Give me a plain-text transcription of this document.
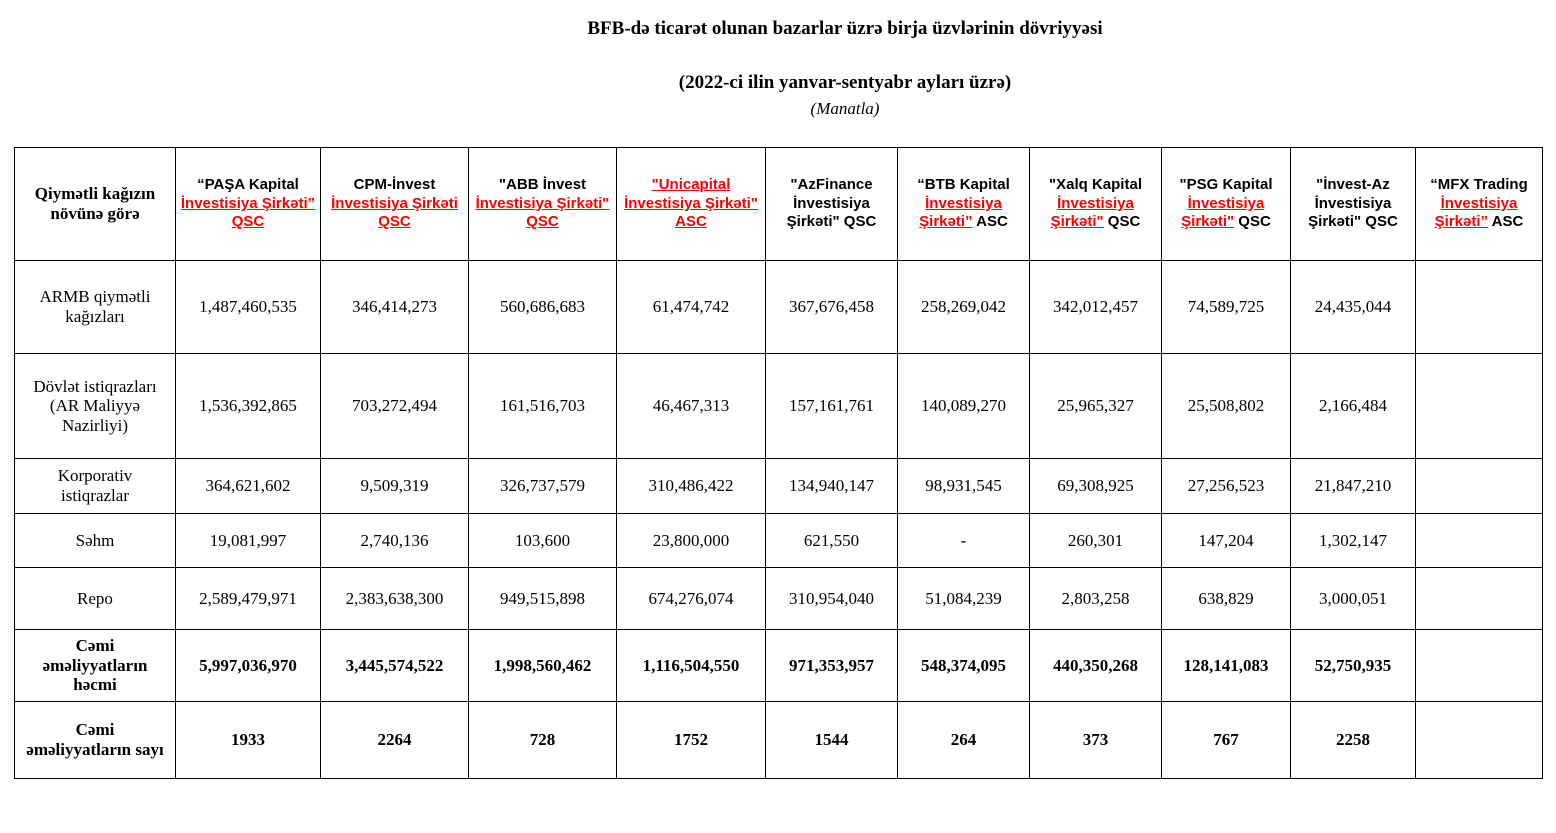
BFB-də ticarət olunan bazarlar üzrə birja üzvlərinin dövriyyəsi
(2022-ci ilin yanvar-sentyabr ayları üzrə)
(Manatla)
Qiymətli kağızın növünə görə	“PAŞA Kapital İnvestisiya Şirkəti” QSC	CPM-İnvest İnvestisiya Şirkəti QSC	"ABB İnvest İnvestisiya Şirkəti" QSC	"Unicapital İnvestisiya Şirkəti" ASC	"AzFinance İnvestisiya Şirkəti" QSC	“BTB Kapital İnvestisiya Şirkəti” ASC	"Xalq Kapital İnvestisiya Şirkəti" QSC	"PSG Kapital İnvestisiya Şirkəti" QSC	"İnvest-Az İnvestisiya Şirkəti" QSC	“MFX Trading İnvestisiya Şirkəti” ASC
ARMB qiymətli kağızları	1,487,460,535	346,414,273	560,686,683	61,474,742	367,676,458	258,269,042	342,012,457	74,589,725	24,435,044	
Dövlət istiqrazları (AR Maliyyə Nazirliyi)	1,536,392,865	703,272,494	161,516,703	46,467,313	157,161,761	140,089,270	25,965,327	25,508,802	2,166,484	
Korporativ istiqrazlar	364,621,602	9,509,319	326,737,579	310,486,422	134,940,147	98,931,545	69,308,925	27,256,523	21,847,210	
Səhm	19,081,997	2,740,136	103,600	23,800,000	621,550	-	260,301	147,204	1,302,147	
Repo	2,589,479,971	2,383,638,300	949,515,898	674,276,074	310,954,040	51,084,239	2,803,258	638,829	3,000,051	
Cəmi əməliyyatların həcmi	5,997,036,970	3,445,574,522	1,998,560,462	1,116,504,550	971,353,957	548,374,095	440,350,268	128,141,083	52,750,935	
Cəmi əməliyyatların sayı	1933	2264	728	1752	1544	264	373	767	2258	
